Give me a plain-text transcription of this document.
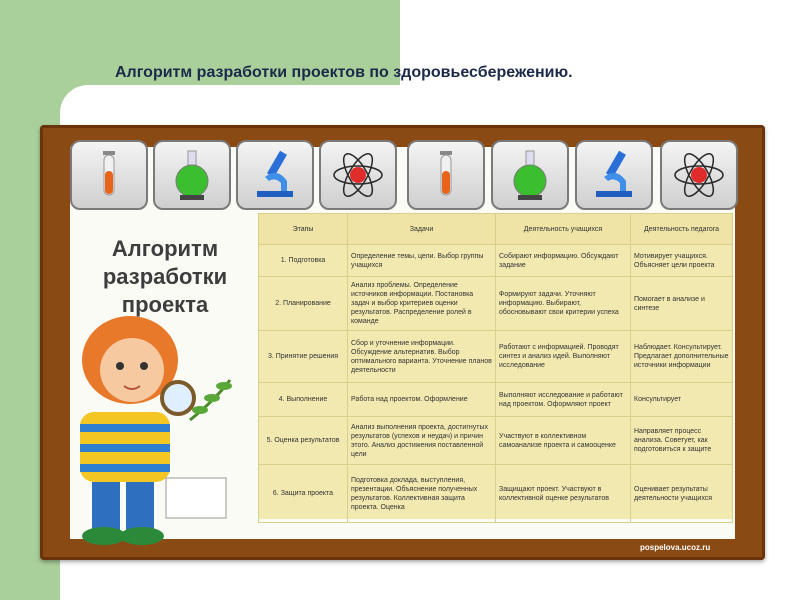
Алгоритм разработки проектов по здоровьесбережению.
Алгоритм
разработки
проекта
Этапы	Задачи	Деятельность учащихся	Деятельность педагога
1. Подготовка	Определение темы, цели. Выбор группы учащихся	Собирают информацию. Обсуждают задание	Мотивирует учащихся. Объясняет цели проекта
2. Планирование	Анализ проблемы. Определение источников информации. Постановка задач и выбор критериев оценки результатов. Распределение ролей в команде	Формируют задачи. Уточняют информацию. Выбирают, обосновывают свои критерии успеха	Помогает в анализе и синтезе
3. Принятие решения	Сбор и уточнение информации. Обсуждение альтернатив. Выбор оптимального варианта. Уточнение планов деятельности	Работают с информацией. Проводят синтез и анализ идей. Выполняют исследование	Наблюдает. Консультирует. Предлагает дополнительные источники информации
4. Выполнение	Работа над проектом. Оформление	Выполняют исследование и работают над проектом. Оформляют проект	Консультирует
5. Оценка результатов	Анализ выполнения проекта, достигнутых результатов (успехов и неудач) и причин этого. Анализ достижения поставленной цели	Участвуют в коллективном самоанализе проекта и самооценке	Направляет процесс анализа. Советует, как подготовиться к защите
6. Защита проекта	Подготовка доклада, выступления, презентации. Объяснение полученных результатов. Коллективная защита проекта. Оценка	Защищают проект. Участвуют в коллективной оценке результатов	Оценивает результаты деятельности учащихся
pospelova.ucoz.ru
